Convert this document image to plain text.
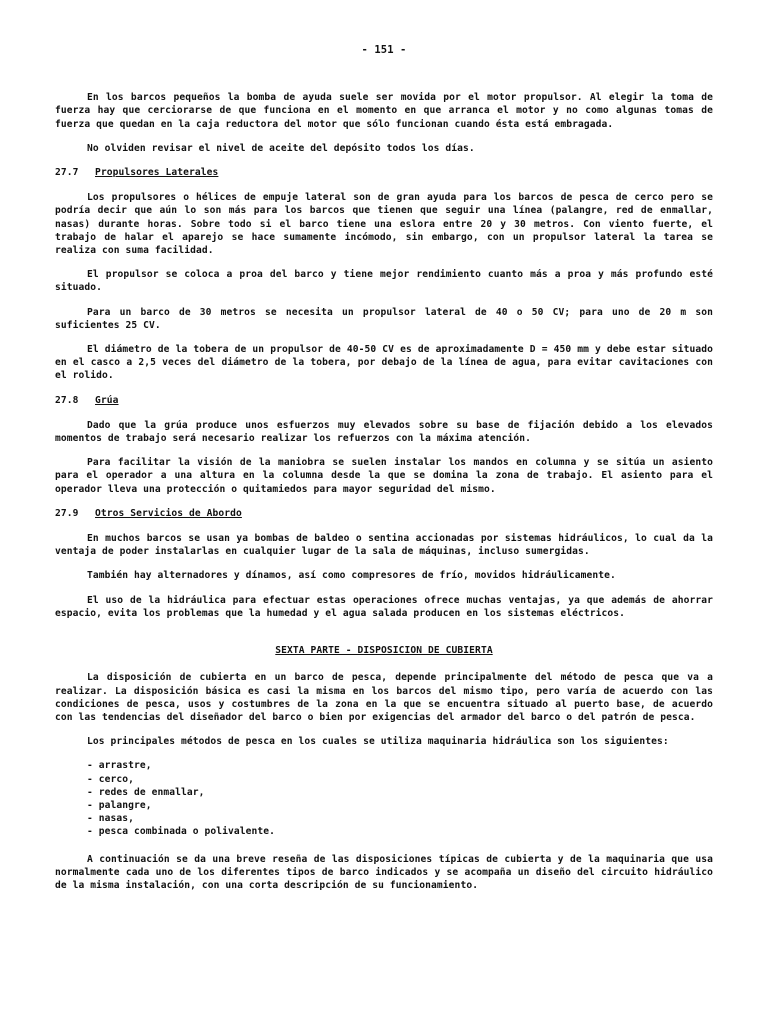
- 151 -

En los barcos pequeños la bomba de ayuda suele ser movida por el motor propulsor. Al elegir la toma de fuerza hay que cerciorarse de que funciona en el momento en que arranca el motor y no como algunas tomas de fuerza que quedan en la caja reductora del motor que sólo funcionan cuando ésta está embragada.

No olviden revisar el nivel de aceite del depósito todos los días.

27.7 Propulsores Laterales

Los propulsores o hélices de empuje lateral son de gran ayuda para los barcos de pesca de cerco pero se podría decir que aún lo son más para los barcos que tienen que seguir una línea (palangre, red de enmallar, nasas) durante horas. Sobre todo si el barco tiene una eslora entre 20 y 30 metros. Con viento fuerte, el trabajo de halar el aparejo se hace sumamente incómodo, sin embargo, con un propulsor lateral la tarea se realiza con suma facilidad.

El propulsor se coloca a proa del barco y tiene mejor rendimiento cuanto más a proa y más profundo esté situado.

Para un barco de 30 metros se necesita un propulsor lateral de 40 o 50 CV; para uno de 20 m son suficientes 25 CV.

El diámetro de la tobera de un propulsor de 40-50 CV es de aproximadamente D = 450 mm y debe estar situado en el casco a 2,5 veces del diámetro de la tobera, por debajo de la línea de agua, para evitar cavitaciones con el rolido.

27.8 Grúa

Dado que la grúa produce unos esfuerzos muy elevados sobre su base de fijación debido a los elevados momentos de trabajo será necesario realizar los refuerzos con la máxima atención.

Para facilitar la visión de la maniobra se suelen instalar los mandos en columna y se sitúa un asiento para el operador a una altura en la columna desde la que se domina la zona de trabajo. El asiento para el operador lleva una protección o quitamiedos para mayor seguridad del mismo.

27.9 Otros Servicios de Abordo

En muchos barcos se usan ya bombas de baldeo o sentina accionadas por sistemas hidráulicos, lo cual da la ventaja de poder instalarlas en cualquier lugar de la sala de máquinas, incluso sumergidas.

También hay alternadores y dínamos, así como compresores de frío, movidos hidráulicamente.

El uso de la hidráulica para efectuar estas operaciones ofrece muchas ventajas, ya que además de ahorrar espacio, evita los problemas que la humedad y el agua salada producen en los sistemas eléctricos.

SEXTA PARTE - DISPOSICION DE CUBIERTA

La disposición de cubierta en un barco de pesca, depende principalmente del método de pesca que va a realizar. La disposición básica es casi la misma en los barcos del mismo tipo, pero varía de acuerdo con las condiciones de pesca, usos y costumbres de la zona en la que se encuentra situado al puerto base, de acuerdo con las tendencias del diseñador del barco o bien por exigencias del armador del barco o del patrón de pesca.

Los principales métodos de pesca en los cuales se utiliza maquinaria hidráulica son los siguientes:

- arrastre,
- cerco,
- redes de enmallar,
- palangre,
- nasas,
- pesca combinada o polivalente.

A continuación se da una breve reseña de las disposiciones típicas de cubierta y de la maquinaria que usa normalmente cada uno de los diferentes tipos de barco indicados y se acompaña un diseño del circuito hidráulico de la misma instalación, con una corta descripción de su funcionamiento.
